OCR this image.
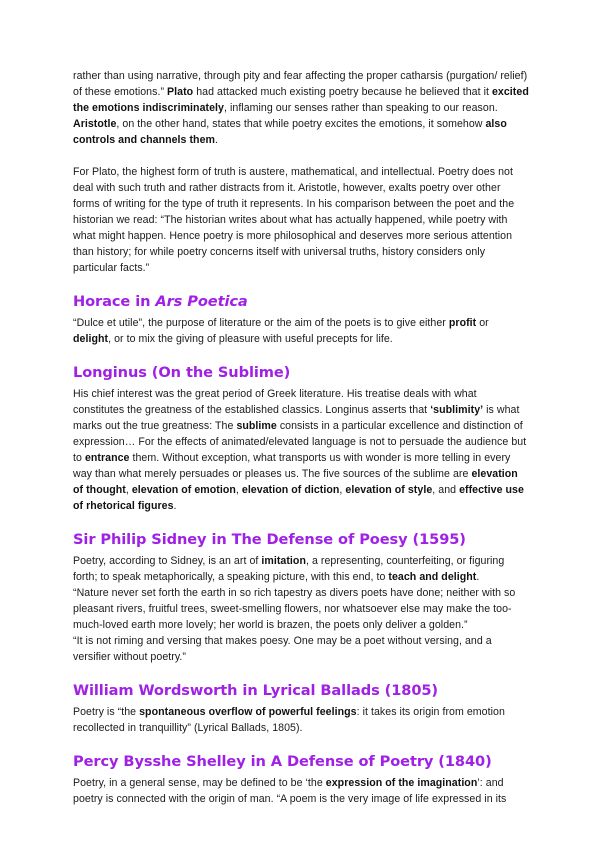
rather than using narrative, through pity and fear affecting the proper catharsis (purgation/ relief) of these emotions.” Plato had attacked much existing poetry because he believed that it excited the emotions indiscriminately, inflaming our senses rather than speaking to our reason. Aristotle, on the other hand, states that while poetry excites the emotions, it somehow also controls and channels them.

For Plato, the highest form of truth is austere, mathematical, and intellectual. Poetry does not deal with such truth and rather distracts from it. Aristotle, however, exalts poetry over other forms of writing for the type of truth it represents. In his comparison between the poet and the historian we read: “The historian writes about what has actually happened, while poetry with what might happen. Hence poetry is more philosophical and deserves more serious attention than history; for while poetry concerns itself with universal truths, history considers only particular facts.”

Horace in Ars Poetica

“Dulce et utile”, the purpose of literature or the aim of the poets is to give either profit or delight, or to mix the giving of pleasure with useful precepts for life.

Longinus (On the Sublime)

His chief interest was the great period of Greek literature. His treatise deals with what constitutes the greatness of the established classics. Longinus asserts that ‘sublimity’ is what marks out the true greatness: The sublime consists in a particular excellence and distinction of expression… For the effects of animated/elevated language is not to persuade the audience but to entrance them. Without exception, what transports us with wonder is more telling in every way than what merely persuades or pleases us. The five sources of the sublime are elevation of thought, elevation of emotion, elevation of diction, elevation of style, and effective use of rhetorical figures.

Sir Philip Sidney in The Defense of Poesy (1595)

Poetry, according to Sidney, is an art of imitation, a representing, counterfeiting, or figuring forth; to speak metaphorically, a speaking picture, with this end, to teach and delight.

“Nature never set forth the earth in so rich tapestry as divers poets have done; neither with so pleasant rivers, fruitful trees, sweet-smelling flowers, nor whatsoever else may make the too-much-loved earth more lovely; her world is brazen, the poets only deliver a golden.”

“It is not riming and versing that makes poesy. One may be a poet without versing, and a versifier without poetry.”

William Wordsworth in Lyrical Ballads (1805)

Poetry is “the spontaneous overflow of powerful feelings: it takes its origin from emotion recollected in tranquillity” (Lyrical Ballads, 1805).

Percy Bysshe Shelley in A Defense of Poetry (1840)

Poetry, in a general sense, may be defined to be ‘the expression of the imagination’: and poetry is connected with the origin of man. “A poem is the very image of life expressed in its
